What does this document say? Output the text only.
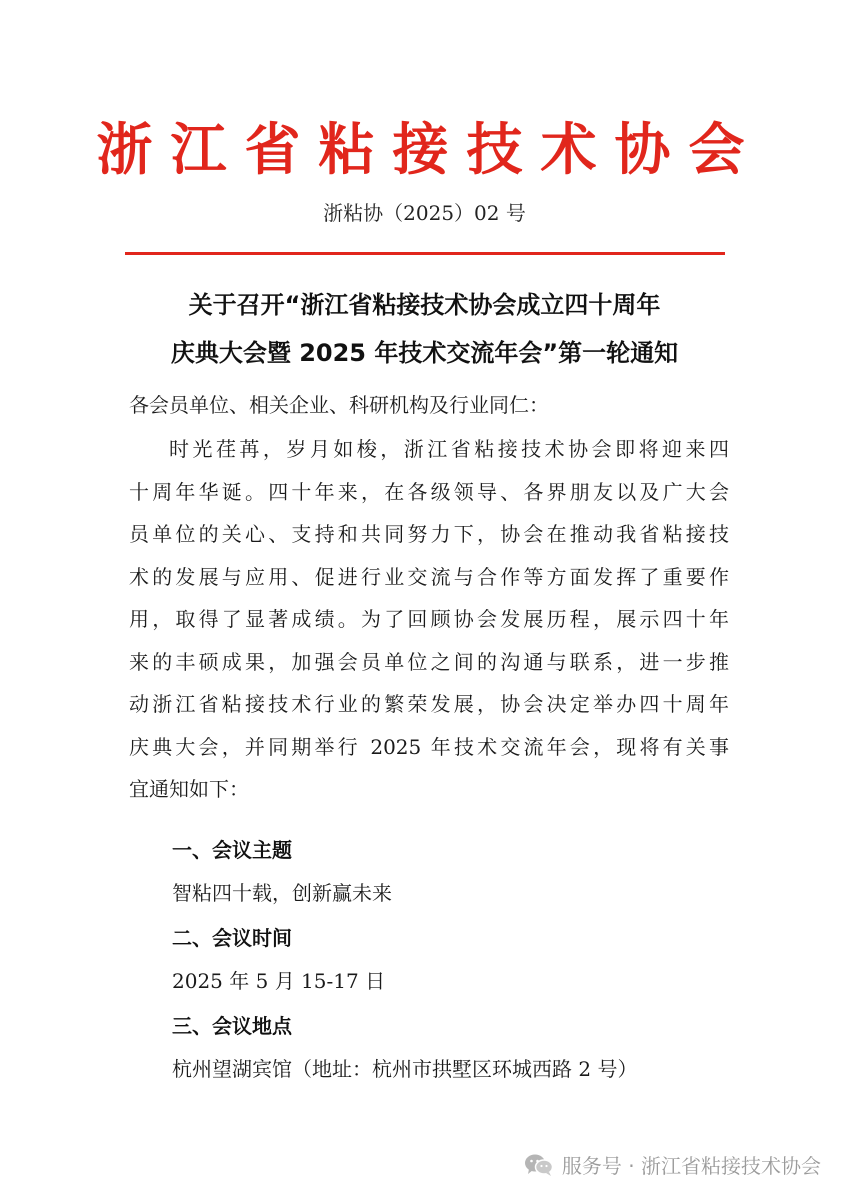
浙江省粘接技术协会
浙粘协（2025）02 号
关于召开“浙江省粘接技术协会成立四十周年
庆典大会暨 2025 年技术交流年会”第一轮通知
各会员单位、相关企业、科研机构及行业同仁：
时光荏苒，岁月如梭，浙江省粘接技术协会即将迎来四
十周年华诞。四十年来，在各级领导、各界朋友以及广大会
员单位的关心、支持和共同努力下，协会在推动我省粘接技
术的发展与应用、促进行业交流与合作等方面发挥了重要作
用，取得了显著成绩。为了回顾协会发展历程，展示四十年
来的丰硕成果，加强会员单位之间的沟通与联系，进一步推
动浙江省粘接技术行业的繁荣发展，协会决定举办四十周年
庆典大会，并同期举行 2025 年技术交流年会，现将有关事
宜通知如下：
一、会议主题
智粘四十载，创新赢未来
二、会议时间
2025 年 5 月 15-17 日
三、会议地点
杭州望湖宾馆（地址：杭州市拱墅区环城西路 2 号）
服务号 · 浙江省粘接技术协会
